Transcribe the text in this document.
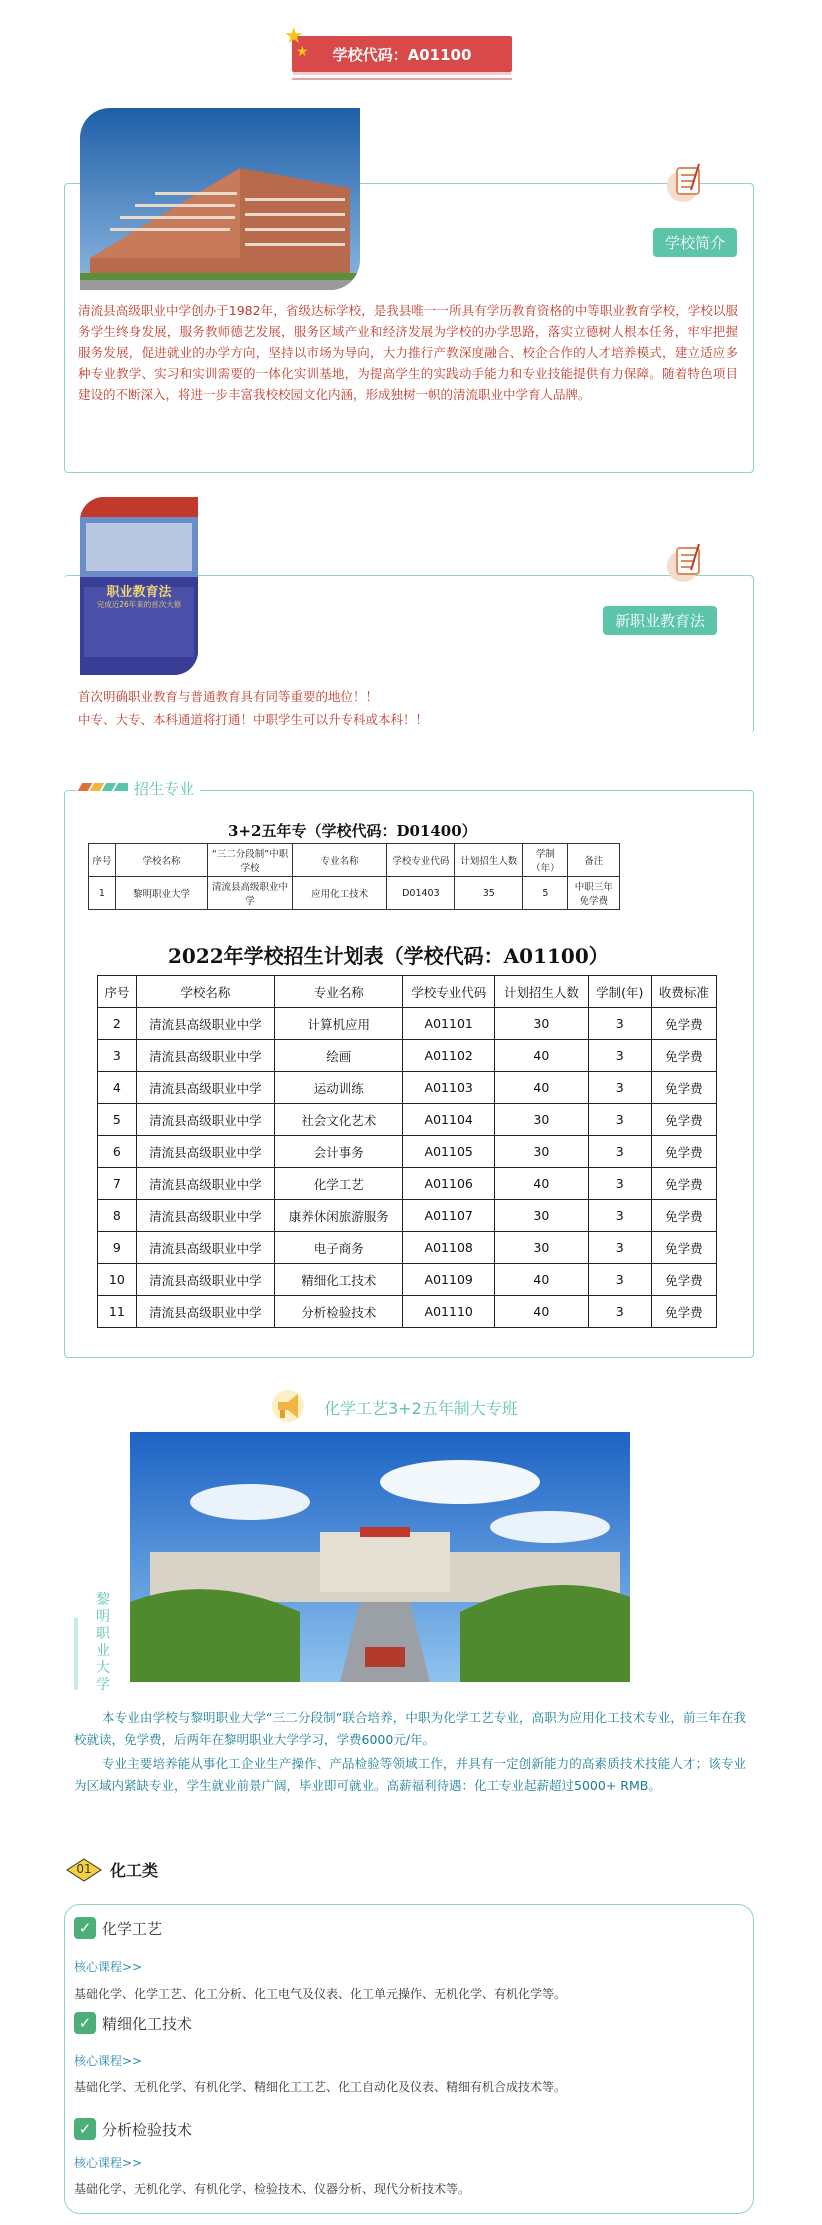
★
★ 学校代码：A01100
学校简介
清流县高级职业中学创办于1982年，省级达标学校，是我县唯一一所具有学历教育资格的中等职业教育学校，学校以服务学生终身发展，服务教师德艺发展，服务区域产业和经济发展为学校的办学思路，落实立德树人根本任务，牢牢把握服务发展，促进就业的办学方向，坚持以市场为导向，大力推行产教深度融合、校企合作的人才培养模式，建立适应多种专业教学、实习和实训需要的一体化实训基地，为提高学生的实践动手能力和专业技能提供有力保障。随着特色项目建设的不断深入，将进一步丰富我校校园文化内涵，形成独树一帜的清流职业中学育人品牌。
职业教育法
完成近26年来的首次大修
新职业教育法
首次明确职业教育与普通教育具有同等重要的地位！！
中专、大专、本科通道将打通！中职学生可以升专科或本科！！
招生专业
3+2五年专（学校代码：D01400）
序号	学校名称	“三二分段制”中职学校	专业名称	学校专业代码	计划招生人数	学制（年）	备注
1	黎明职业大学	清流县高级职业中学	应用化工技术	D01403	35	5	中职三年免学费
2022年学校招生计划表（学校代码：A01100）
序号	学校名称	专业名称	学校专业代码	计划招生人数	学制(年)	收费标准
2	清流县高级职业中学	计算机应用	A01101	30	3	免学费
3	清流县高级职业中学	绘画	A01102	40	3	免学费
4	清流县高级职业中学	运动训练	A01103	40	3	免学费
5	清流县高级职业中学	社会文化艺术	A01104	30	3	免学费
6	清流县高级职业中学	会计事务	A01105	30	3	免学费
7	清流县高级职业中学	化学工艺	A01106	40	3	免学费
8	清流县高级职业中学	康养休闲旅游服务	A01107	30	3	免学费
9	清流县高级职业中学	电子商务	A01108	30	3	免学费
10	清流县高级职业中学	精细化工技术	A01109	40	3	免学费
11	清流县高级职业中学	分析检验技术	A01110	40	3	免学费
化学工艺3+2五年制大专班
黎明职业大学
本专业由学校与黎明职业大学“三二分段制”联合培养，中职为化学工艺专业，高职为应用化工技术专业，前三年在我校就读，免学费，后两年在黎明职业大学学习，学费6000元/年。
专业主要培养能从事化工企业生产操作、产品检验等领域工作，并具有一定创新能力的高素质技术技能人才；该专业为区域内紧缺专业，学生就业前景广阔，毕业即可就业。高薪福利待遇：化工专业起薪超过5000+ RMB。
01	化工类
✓ 化学工艺
核心课程>>
基础化学、化学工艺、化工分析、化工电气及仪表、化工单元操作、无机化学、有机化学等。
✓ 精细化工技术
核心课程>>
基础化学、无机化学、有机化学、精细化工工艺、化工自动化及仪表、精细有机合成技术等。
✓ 分析检验技术
核心课程>>
基础化学、无机化学、有机化学、检验技术、仪器分析、现代分析技术等。
